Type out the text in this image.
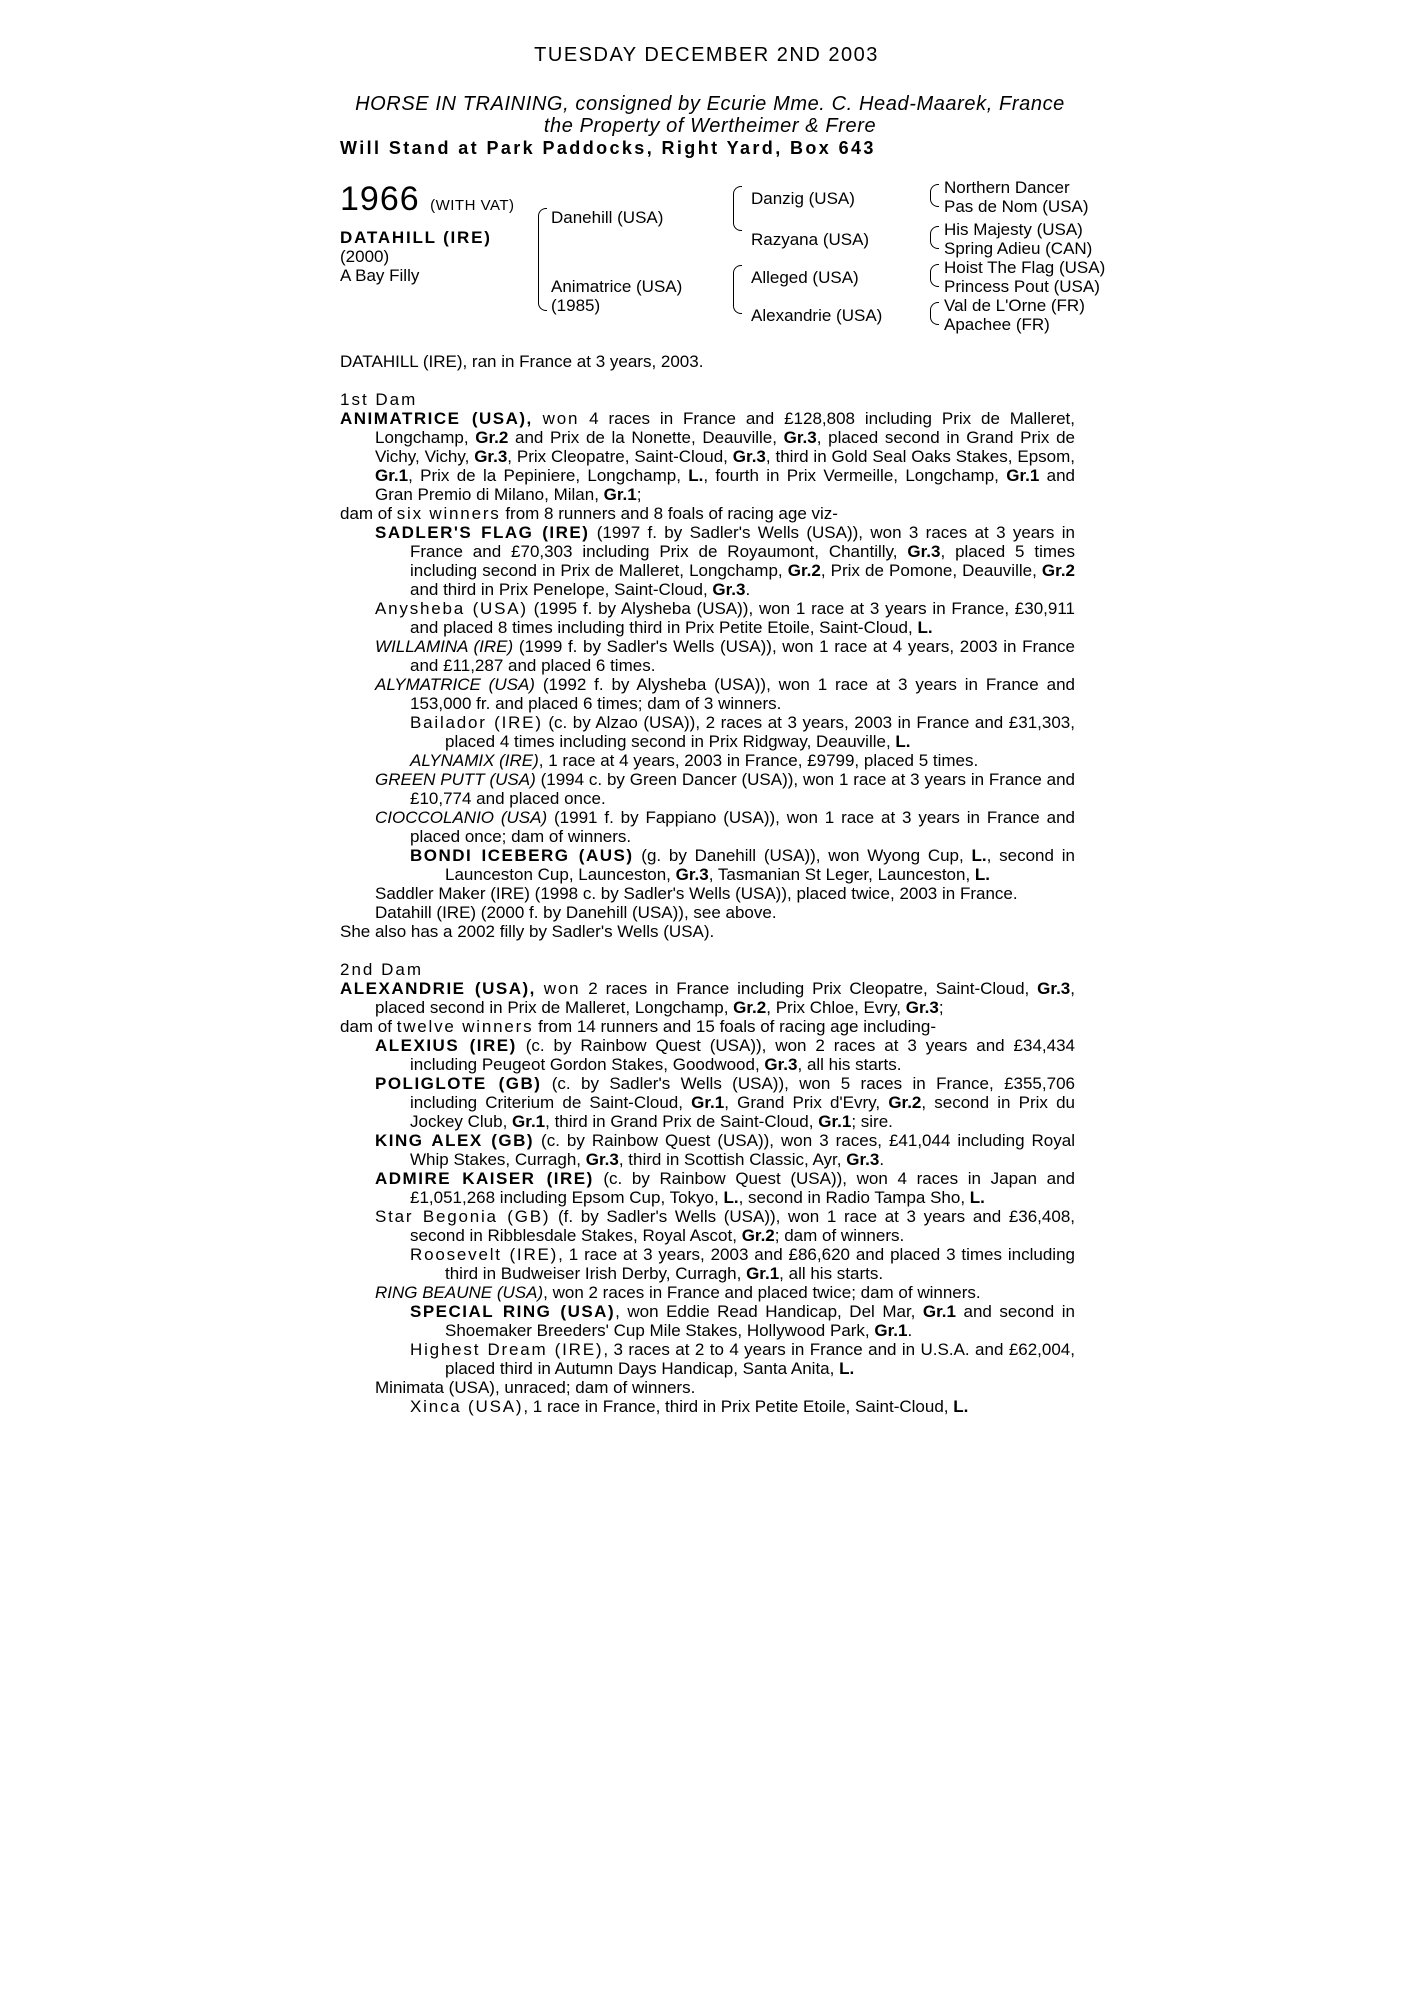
TUESDAY DECEMBER 2ND 2003
HORSE IN TRAINING, consigned by Ecurie Mme. C. Head-Maarek, France
the Property of Wertheimer & Frere
Will Stand at Park Paddocks, Right Yard, Box 643
1966 (WITH VAT)
DATAHILL (IRE)
(2000)
A Bay Filly
Danehill (USA)
Animatrice (USA)
(1985)
Danzig (USA)
Razyana (USA)
Alleged (USA)
Alexandrie (USA)
Northern Dancer
Pas de Nom (USA)
His Majesty (USA)
Spring Adieu (CAN)
Hoist The Flag (USA)
Princess Pout (USA)
Val de L'Orne (FR)
Apachee (FR)
DATAHILL (IRE), ran in France at 3 years, 2003.
1st Dam
ANIMATRICE (USA), won 4 races in France and £128,808 including Prix de Malleret, Longchamp, Gr.2 and Prix de la Nonette, Deauville, Gr.3, placed second in Grand Prix de Vichy, Vichy, Gr.3, Prix Cleopatre, Saint-Cloud, Gr.3, third in Gold Seal Oaks Stakes, Epsom, Gr.1, Prix de la Pepiniere, Longchamp, L., fourth in Prix Vermeille, Longchamp, Gr.1 and Gran Premio di Milano, Milan, Gr.1;
dam of six winners from 8 runners and 8 foals of racing age viz-
SADLER'S FLAG (IRE) (1997 f. by Sadler's Wells (USA)), won 3 races at 3 years in France and £70,303 including Prix de Royaumont, Chantilly, Gr.3, placed 5 times including second in Prix de Malleret, Longchamp, Gr.2, Prix de Pomone, Deauville, Gr.2 and third in Prix Penelope, Saint-Cloud, Gr.3.
Anysheba (USA) (1995 f. by Alysheba (USA)), won 1 race at 3 years in France, £30,911 and placed 8 times including third in Prix Petite Etoile, Saint-Cloud, L.
WILLAMINA (IRE) (1999 f. by Sadler's Wells (USA)), won 1 race at 4 years, 2003 in France and £11,287 and placed 6 times.
ALYMATRICE (USA) (1992 f. by Alysheba (USA)), won 1 race at 3 years in France and 153,000 fr. and placed 6 times; dam of 3 winners.
Bailador (IRE) (c. by Alzao (USA)), 2 races at 3 years, 2003 in France and £31,303, placed 4 times including second in Prix Ridgway, Deauville, L.
ALYNAMIX (IRE), 1 race at 4 years, 2003 in France, £9799, placed 5 times.
GREEN PUTT (USA) (1994 c. by Green Dancer (USA)), won 1 race at 3 years in France and £10,774 and placed once.
CIOCCOLANIO (USA) (1991 f. by Fappiano (USA)), won 1 race at 3 years in France and placed once; dam of winners.
BONDI ICEBERG (AUS) (g. by Danehill (USA)), won Wyong Cup, L., second in Launceston Cup, Launceston, Gr.3, Tasmanian St Leger, Launceston, L.
Saddler Maker (IRE) (1998 c. by Sadler's Wells (USA)), placed twice, 2003 in France.
Datahill (IRE) (2000 f. by Danehill (USA)), see above.
She also has a 2002 filly by Sadler's Wells (USA).
2nd Dam
ALEXANDRIE (USA), won 2 races in France including Prix Cleopatre, Saint-Cloud, Gr.3, placed second in Prix de Malleret, Longchamp, Gr.2, Prix Chloe, Evry, Gr.3;
dam of twelve winners from 14 runners and 15 foals of racing age including-
ALEXIUS (IRE) (c. by Rainbow Quest (USA)), won 2 races at 3 years and £34,434 including Peugeot Gordon Stakes, Goodwood, Gr.3, all his starts.
POLIGLOTE (GB) (c. by Sadler's Wells (USA)), won 5 races in France, £355,706 including Criterium de Saint-Cloud, Gr.1, Grand Prix d'Evry, Gr.2, second in Prix du Jockey Club, Gr.1, third in Grand Prix de Saint-Cloud, Gr.1; sire.
KING ALEX (GB) (c. by Rainbow Quest (USA)), won 3 races, £41,044 including Royal Whip Stakes, Curragh, Gr.3, third in Scottish Classic, Ayr, Gr.3.
ADMIRE KAISER (IRE) (c. by Rainbow Quest (USA)), won 4 races in Japan and £1,051,268 including Epsom Cup, Tokyo, L., second in Radio Tampa Sho, L.
Star Begonia (GB) (f. by Sadler's Wells (USA)), won 1 race at 3 years and £36,408, second in Ribblesdale Stakes, Royal Ascot, Gr.2; dam of winners.
Roosevelt (IRE), 1 race at 3 years, 2003 and £86,620 and placed 3 times including third in Budweiser Irish Derby, Curragh, Gr.1, all his starts.
RING BEAUNE (USA), won 2 races in France and placed twice; dam of winners.
SPECIAL RING (USA), won Eddie Read Handicap, Del Mar, Gr.1 and second in Shoemaker Breeders' Cup Mile Stakes, Hollywood Park, Gr.1.
Highest Dream (IRE), 3 races at 2 to 4 years in France and in U.S.A. and £62,004, placed third in Autumn Days Handicap, Santa Anita, L.
Minimata (USA), unraced; dam of winners.
Xinca (USA), 1 race in France, third in Prix Petite Etoile, Saint-Cloud, L.
